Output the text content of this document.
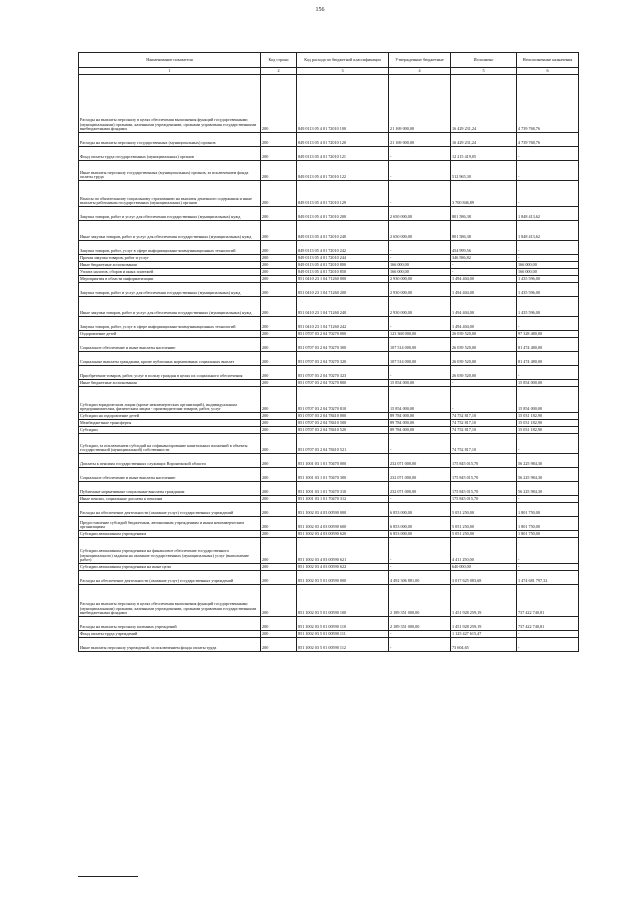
156
Наименование показателя	Код строки	Код расхода по бюджетной классификации	Утвержденные бюджетные	Исполнено	Неисполненные назначения
1	2	3	4	5	6
Расходы на выплаты персоналу в целях обеспечения выполнения функций государственными (муниципальными) органами, казенными учреждениями, органами управления государственными внебюджетными фондами	200	849 0113 05 4 01 72010 100	21 169 000,00	16 429 231,24	4 739 768,76
Расходы на выплаты персоналу государственных (муниципальных) органов	200	849 0113 05 4 01 72010 120	21 169 000,00	16 429 231,24	4 739 768,76
Фонд оплаты труда государственных (муниципальных) органов	200	849 0113 05 4 01 72010 121	-	12 215 419,05	-
Иные выплаты персоналу государственных (муниципальных) органов, за исключением фонда оплаты труда	200	849 0113 05 4 01 72010 122	-	512 965,30	-
Взносы по обязательному социальному страхованию на выплаты денежного содержания и иные выплаты работникам государственных (муниципальных) органов	200	849 0113 05 4 01 72010 129	-	3 700 846,89	-
Закупка товаров, работ и услуг для обеспечения государственных (муниципальных) нужд	200	849 0113 05 4 01 72010 200	2 650 000,00	801 586,38	1 848 413,62
Иные закупки товаров, работ и услуг для обеспечения государственных (муниципальных) нужд	200	849 0113 05 4 01 72010 240	2 650 000,00	801 586,38	1 848 413,62
Закупка товаров, работ, услуг в сфере информационно-коммуникационных технологий	200	849 0113 05 4 01 72010 242	-	454 999,56	-
Прочая закупка товаров, работ и услуг	200	849 0113 05 4 01 72010 244	-	346 586,82	-
Иные бюджетные ассигнования	200	849 0113 05 4 01 72010 800	166 000,00	-	166 000,00
Уплата налогов, сборов и иных платежей	200	849 0113 05 4 01 72010 850	166 000,00	-	166 000,00
Мероприятия в области информатизации	200	851 0410 23 1 04 71260 000	2 930 000,00	1 494 404,00	1 435 596,00
Закупка товаров, работ и услуг для обеспечения государственных (муниципальных) нужд	200	851 0410 23 1 04 71260 200	2 930 000,00	1 494 404,00	1 435 596,00
Иные закупки товаров, работ и услуг для обеспечения государственных (муниципальных) нужд	200	851 0410 23 1 04 71260 240	2 930 000,00	1 494 404,00	1 435 596,00
Закупка товаров, работ, услуг в сфере информационно-коммуникационных технологий	200	851 0410 23 1 04 71260 242	-	1 494 404,00	-
Оздоровление детей	200	851 0707 03 2 04 70270 000	123 368 000,00	26 039 520,00	97 328 480,00
Социальное обеспечение и иные выплаты населению	200	851 0707 03 2 04 70270 300	107 514 000,00	26 039 520,00	81 474 480,00
Социальные выплаты гражданам, кроме публичных нормативных социальных выплат	200	851 0707 03 2 04 70270 320	107 514 000,00	26 039 520,00	81 474 480,00
Приобретение товаров, работ, услуг в пользу граждан в целях их социального обеспечения	200	851 0707 03 2 04 70270 323	-	26 039 520,00	-
Иные бюджетные ассигнования	200	851 0707 03 2 04 70270 800	15 854 000,00	-	15 854 000,00
Субсидии юридическим лицам (кроме некоммерческих организаций), индивидуальным предпринимателям, физическим лицам - производителям товаров, работ, услуг	200	851 0707 03 2 04 70270 810	15 854 000,00	-	15 854 000,00
Субсидии на оздоровление детей	200	851 0707 03 2 04 78410 000	89 784 000,00	74 752 817,10	15 031 182,90
Межбюджетные трансферты	200	851 0707 03 2 04 78410 500	89 784 000,00	74 752 817,10	15 031 182,90
Субсидии	200	851 0707 03 2 04 78410 520	89 784 000,00	74 752 817,10	15 031 182,90
Субсидии, за исключением субсидий на софинансирование капитальных вложений в объекты государственной (муниципальной) собственности	200	851 0707 03 2 04 78410 521	-	74 752 817,10	-
Доплаты к пенсиям государственных служащих Воронежской области	200	851 1001 03 1 01 70470 000	232 071 000,00	175 845 015,70	56 225 984,30
Социальное обеспечение и иные выплаты населению	200	851 1001 03 1 01 70470 300	232 071 000,00	175 845 015,70	56 225 984,30
Публичные нормативные социальные выплаты гражданам	200	851 1001 03 1 01 70470 310	232 071 000,00	175 845 015,70	56 225 984,30
Иные пенсии, социальные доплаты к пенсиям	200	851 1001 03 1 01 70470 312	-	175 845 015,70	-
Расходы на обеспечение деятельности (оказание услуг) государственных учреждений	200	851 1002 03 4 03 00590 000	6 853 000,00	5 051 250,00	1 801 750,00
Предоставление субсидий бюджетным, автономным учреждениям и иным некоммерческим организациям	200	851 1002 03 4 03 00590 600	6 853 000,00	5 051 250,00	1 801 750,00
Субсидии автономным учреждениям	200	851 1002 03 4 03 00590 620	6 853 000,00	5 051 250,00	1 801 750,00
Субсидии автономным учреждениям на финансовое обеспечение государственного (муниципального) задания на оказание государственных (муниципальных) услуг (выполнение работ)	200	851 1002 03 4 03 00590 621	-	4 411 250,00	-
Субсидии автономным учреждениям на иные цели	200	851 1002 03 4 03 00590 622	-	640 000,00	-
Расходы на обеспечение деятельности (оказание услуг) государственных учреждений	200	851 1002 03 5 01 00590 000	4 492 306 881,00	3 017 625 083,68	1 474 681 797,32
Расходы на выплаты персоналу в целях обеспечения выполнения функций государственными (муниципальными) органами, казенными учреждениями, органами управления государственными внебюджетными фондами	200	851 1002 03 5 01 00590 100	2 189 351 000,00	1 451 928 259,19	737 422 740,81
Расходы на выплаты персоналу казенных учреждений	200	851 1002 03 5 01 00590 110	2 189 351 000,00	1 451 928 259,19	737 422 740,81
Фонд оплаты труда учреждений	200	851 1002 03 5 01 00590 111	-	1 125 427 615,47	-
Иные выплаты персоналу учреждений, за исключением фонда оплаты труда	200	851 1002 03 5 01 00590 112	-	73 604,65	-
